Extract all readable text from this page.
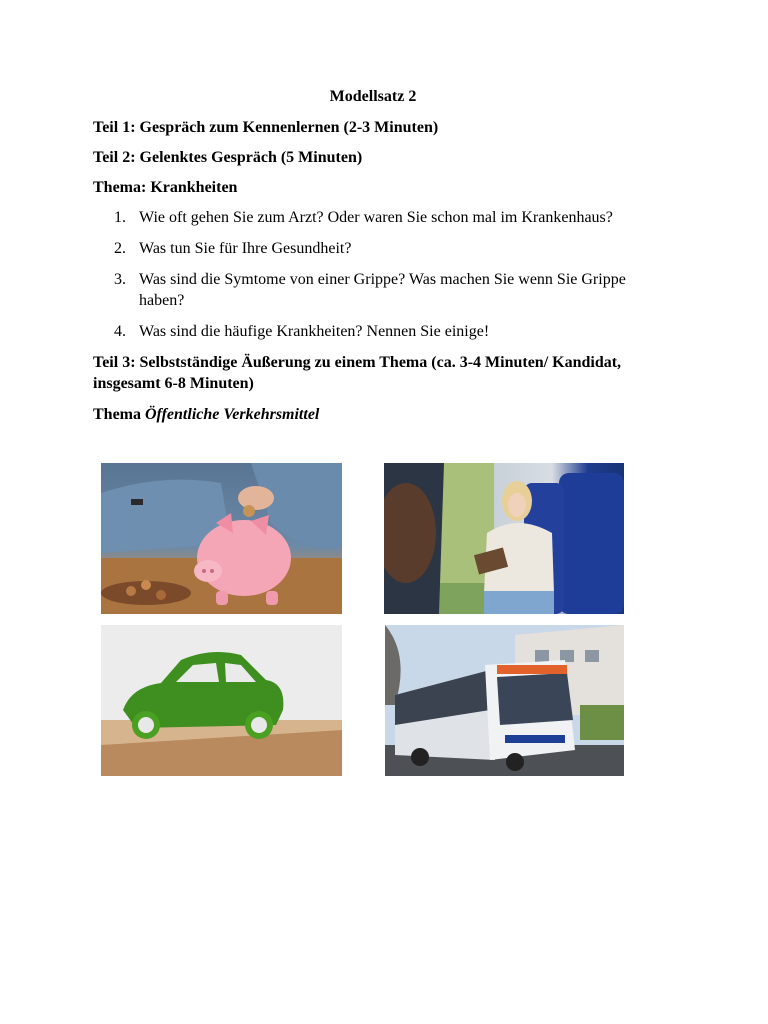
Modellsatz 2
Teil 1: Gespräch zum Kennenlernen (2-3 Minuten)
Teil 2: Gelenktes Gespräch (5 Minuten)
Thema: Krankheiten
1. Wie oft gehen Sie zum Arzt? Oder waren Sie schon mal im Krankenhaus?
2. Was tun Sie für Ihre Gesundheit?
3. Was sind die Symtome von einer Grippe? Was machen Sie wenn Sie Grippe haben?
4. Was sind die häufige Krankheiten? Nennen Sie einige!
Teil 3: Selbstständige Äußerung zu einem Thema (ca. 3-4 Minuten/ Kandidat, insgesamt 6-8 Minuten)
Thema Öffentliche Verkehrsmittel
